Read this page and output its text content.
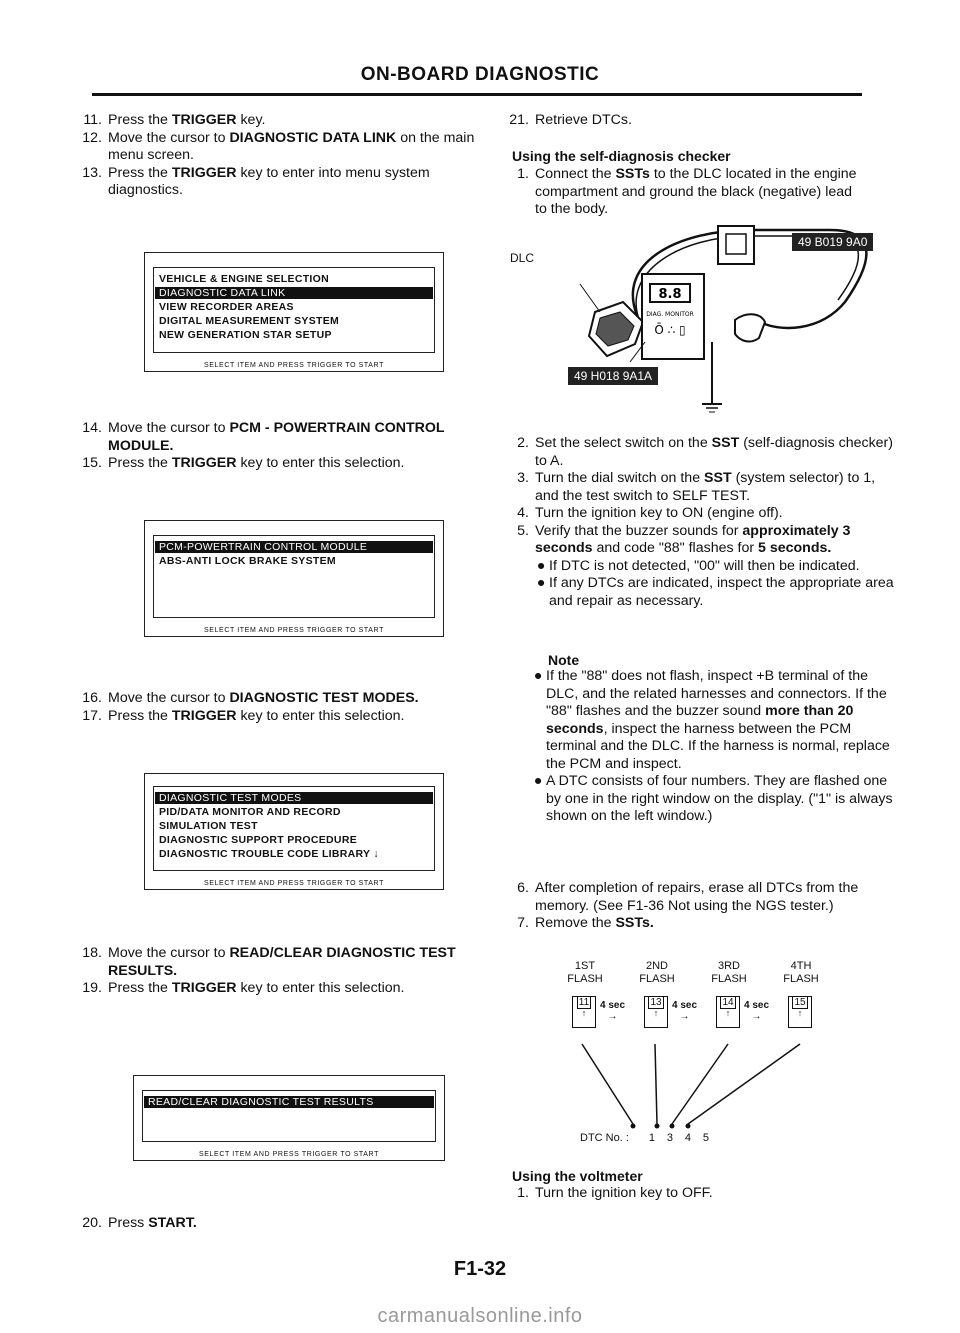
ON-BOARD DIAGNOSTIC
11. Press the TRIGGER key.
12. Move the cursor to DIAGNOSTIC DATA LINK on the main menu screen.
13. Press the TRIGGER key to enter into menu system diagnostics.
VEHICLE & ENGINE SELECTION
DIAGNOSTIC DATA LINK
VIEW RECORDER AREAS
DIGITAL MEASUREMENT SYSTEM
NEW GENERATION STAR SETUP
SELECT ITEM AND PRESS TRIGGER TO START
14. Move the cursor to PCM - POWERTRAIN CONTROL MODULE.
15. Press the TRIGGER key to enter this selection.
PCM-POWERTRAIN CONTROL MODULE
ABS-ANTI LOCK BRAKE SYSTEM
SELECT ITEM AND PRESS TRIGGER TO START
16. Move the cursor to DIAGNOSTIC TEST MODES.
17. Press the TRIGGER key to enter this selection.
DIAGNOSTIC TEST MODES
PID/DATA MONITOR AND RECORD
SIMULATION TEST
DIAGNOSTIC SUPPORT PROCEDURE
DIAGNOSTIC TROUBLE CODE LIBRARY ↓
SELECT ITEM AND PRESS TRIGGER TO START
18. Move the cursor to READ/CLEAR DIAGNOSTIC TEST RESULTS.
19. Press the TRIGGER key to enter this selection.
READ/CLEAR DIAGNOSTIC TEST RESULTS
SELECT ITEM AND PRESS TRIGGER TO START
20. Press START.
21. Retrieve DTCs.
Using the self-diagnosis checker
1. Connect the SSTs to the DLC located in the engine compartment and ground the black (negative) lead to the body.
8.8
DIAG. MONITOR
Ō ∴ ▯
DLC
49 B019 9A0
49 H018 9A1A
2. Set the select switch on the SST (self-diagnosis checker) to A.
3. Turn the dial switch on the SST (system selector) to 1, and the test switch to SELF TEST.
4. Turn the ignition key to ON (engine off).
5. Verify that the buzzer sounds for approximately 3 seconds and code "88" flashes for 5 seconds.
● If DTC is not detected, "00" will then be indicated.
● If any DTCs are indicated, inspect the appropriate area and repair as necessary.
Note
● If the "88" does not flash, inspect +B terminal of the DLC, and the related harnesses and connectors. If the "88" flashes and the buzzer sound more than 20 seconds, inspect the harness between the PCM terminal and the DLC. If the harness is normal, replace the PCM and inspect.
● A DTC consists of four numbers. They are flashed one by one in the right window on the display. ("1" is always shown on the left window.)
6. After completion of repairs, erase all DTCs from the memory. (See F1-36 Not using the NGS tester.)
7. Remove the SSTs.
1ST
FLASH
2ND
FLASH
3RD
FLASH
4TH
FLASH
11
↑
4 sec
→
13
↑
4 sec
→
14
↑
4 sec
→
15
↑
DTC No. : 1 3 4 5
Using the voltmeter
1. Turn the ignition key to OFF.
F1-32
carmanualsonline.info
